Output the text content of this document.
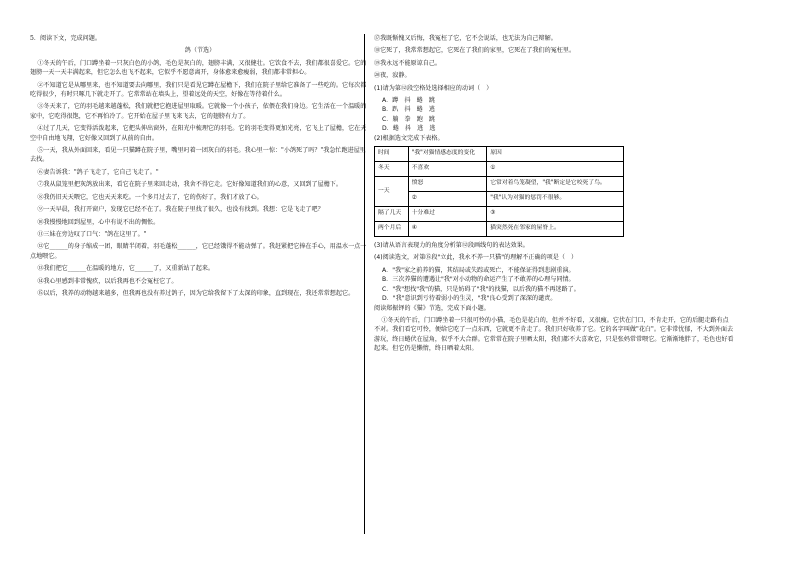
5．阅读下文，完成问题。

鸽（节选）

①冬天的午后，门口蹲坐着一只灰白色的小鸽，毛色是灰白的，翅膀丰满，又很健壮。它饮食不去，我们都很喜爱它。它的翅膀一天一天丰满起来，但它怎么也飞不起来，它似乎不愿意离开，身体愈来愈瘦弱，我们都非常担心。

②不知道它是从哪里来，也不知道要去向哪里，我们只是看见它蹲在屋檐下，我们在院子里给它准备了一些吃的。它每次都吃得很少，有时只啄几下就走开了。它常常站在墙头上，望着远处的天空，好像在等待着什么。

③冬天来了，它的羽毛越来越蓬松，我们就把它抱进屋里取暖。它就像一个小孩子，依偎在我们身边。它生活在一个温暖的家中，它吃得很饱，它不再怕冷了。它开始在屋子里飞来飞去，它的翅膀有力了。

④过了几天，它变得活泼起来，它把头伸出窗外，在阳光中梳理它的羽毛。它的羽毛变得更加光亮，它飞上了屋檐，它在天空中自由地飞翔，它好像又回到了从前的自由。

⑤一天，我从外面回来，看见一只猫蹲在院子里，嘴里叼着一团灰白的羽毛。我心里一惊："小鸽死了吗？"我急忙跑进屋里去找。

⑥妻告诉我："鸽子飞走了，它自己飞走了。"

⑦我从鼠笼里把灰鸽放出来，看它在院子里来回走动，我舍不得它走。它好像知道我们的心意，又回到了屋檐下。

⑧我仍旧天天喂它，它也天天来吃。一个多月过去了，它的伤好了，我们才放了心。

⑨一天早晨，我打开窗户，发现它已经不在了。我在院子里找了很久，也没有找到。我想：它是飞走了吧？

⑩我慢慢地回到屋里，心中有说不出的惆怅。

⑪三妹在旁边叹了口气："鸽在这里了。"

⑫它______的身子缩成一团，眼睛半闭着，羽毛蓬松______，它已经饿得不能动弹了。我赶紧把它捧在手心，用温水一点一点地喂它。

⑬我们把它______在温暖的地方，它______了，又重新站了起来。

⑭我心里感到非常愧疚，以后我再也不会冤枉它了。

⑮以后，我养的动物越来越多，但我再也没有养过鸽子，因为它给我留下了太深的印象，直到现在，我还常常想起它。

⑰我既惭愧又后悔，我冤枉了它，它不会说话，也无法为自己辩解。

⑱它死了，我常常想起它，它死在了我们的家里，它死在了我们的冤枉里。

⑲我永远不能原谅自己。

⑳夜，寂静。

(1)请为第⑫段空格处选择相应的动词（　）

A．蹲　抖　蜷　跳

B．趴　抖　蜷　逃

C．躺　拳　跑　跳

D．蜷　抖　逃　逃

(2)根据选文完成下表格。

时间	"我"对猫情感态度的变化	原因
冬天	不喜欢	①
一天	愤怒	它常对着鸟笼凝望，"我"断定是它咬死了鸟。
	②	"我"认为对猫的惩罚不很够。
隔了几天	十分难过	③
两个月后	④	猫突然死在邻家的屋脊上。

(3)请从语言表现力的角度分析第⑫段画线句的表达效果。

(4)阅读选文，对第⑮段"立此，我永不养一只猫"的理解不正确的项是（　）

A．"我"家之前养的猫，其结局或失踪或死亡，不能保证得到悲剧重演。

B．三次养猫的遭遇让"我"对小动物的命运产生了不敢养的心理与同情。

C．"我"想找"我"的猫，只是妨碍了"我"的找猫，以后我的猫不再迷路了。

D．"我"意识到亏待着弱小的生灵，"我"良心受到了深深的谴责。

阅读郑振铎的《猫》节选，完成下面小题。

①冬天的午后，门口蹲坐着一只很可怜的小猫，毛色是花白的，但并不好看，又很瘦。它伏在门口，不肯走开，它的后腿走路有点不对。我们看它可怜，便给它吃了一点东西，它就更不肯走了。我们只好收养了它。它的名字叫做"花白"。它非常忧郁，不大到外面去游玩，终日蜷伏在屋角，似乎不大合群。它常常在院子里晒太阳，我们都不大喜欢它，只是张妈常常喂它。它渐渐地胖了，毛色也好看起来。但它仍是懒惰，终日晒着太阳。
